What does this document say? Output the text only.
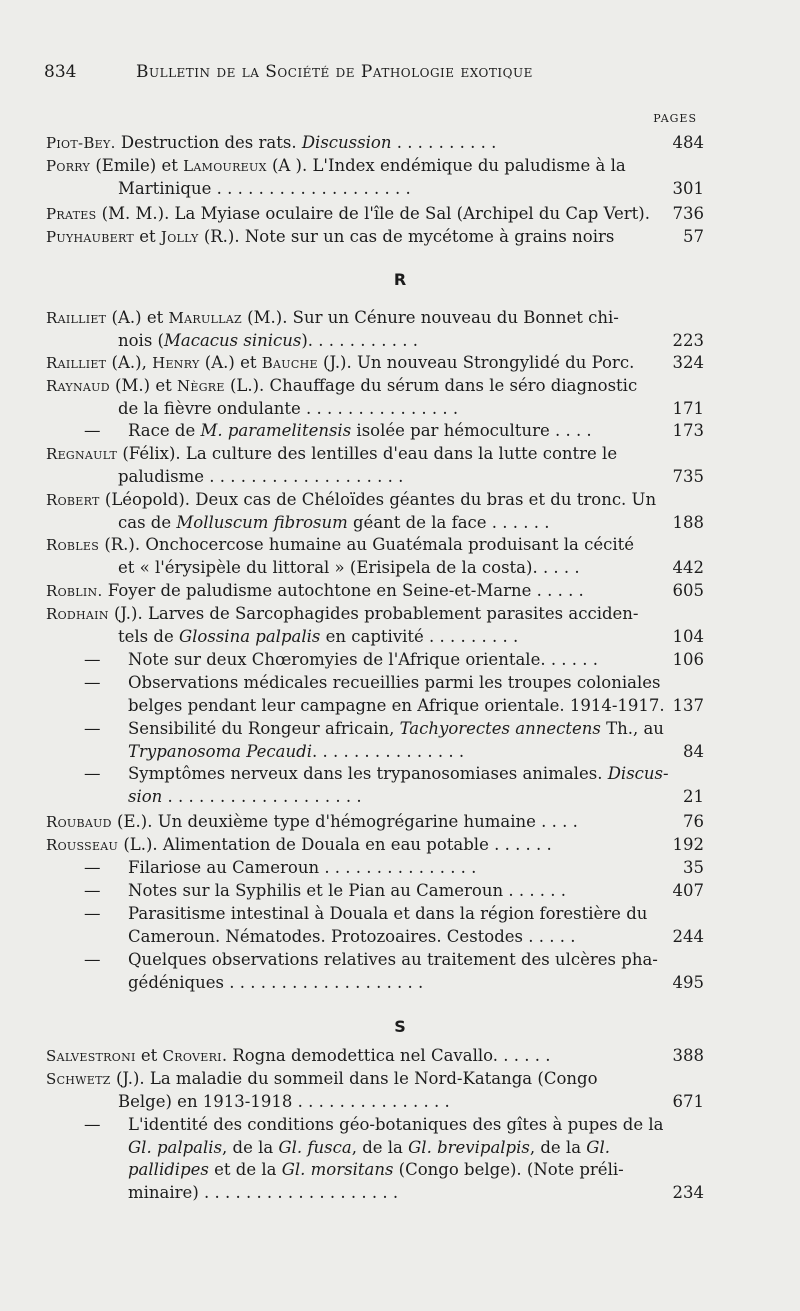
834	Bulletin de la Société de Pathologie exotique
PAGES
Piot-Bey. Destruction des rats. Discussion . . . . . . . . . .	484
Porry (Emile) et Lamoureux (A ). L'Index endémique du paludisme à la
Martinique . . . . . . . . . . . . . . . . . . .	301
Prates (M. M.). La Myiase oculaire de l'île de Sal (Archipel du Cap Vert).	736
Puyhaubert et Jolly (R.). Note sur un cas de mycétome à grains noirs	57
R
Railliet (A.) et Marullaz (M.). Sur un Cénure nouveau du Bonnet chi-
nois (Macacus sinicus). . . . . . . . . . .	223
Railliet (A.), Henry (A.) et Bauche (J.). Un nouveau Strongylidé du Porc.	324
Raynaud (M.) et Nègre (L.). Chauffage du sérum dans le séro diagnostic
de la fièvre ondulante . . . . . . . . . . . . . . .	171
— Race de M. paramelitensis isolée par hémoculture . . . .	173
Regnault (Félix). La culture des lentilles d'eau dans la lutte contre le
paludisme . . . . . . . . . . . . . . . . . . .	735
Robert (Léopold). Deux cas de Chéloïdes géantes du bras et du tronc. Un
cas de Molluscum fibrosum géant de la face . . . . . .	188
Robles (R.). Onchocercose humaine au Guatémala produisant la cécité
et « l'érysipèle du littoral » (Erisipela de la costa). . . . .	442
Roblin. Foyer de paludisme autochtone en Seine-et-Marne . . . . .	605
Rodhain (J.). Larves de Sarcophagides probablement parasites acciden-
tels de Glossina palpalis en captivité . . . . . . . . .	104
— Note sur deux Chœromyies de l'Afrique orientale. . . . . .	106
— Observations médicales recueillies parmi les troupes coloniales
belges pendant leur campagne en Afrique orientale. 1914-1917. 137
— Sensibilité du Rongeur africain, Tachyorectes annectens Th., au
Trypanosoma Pecaudi. . . . . . . . . . . . . . .	84
— Symptômes nerveux dans les trypanosomiases animales. Discus-
sion . . . . . . . . . . . . . . . . . . .	21
Roubaud (E.). Un deuxième type d'hémogrégarine humaine . . . .	76
Rousseau (L.). Alimentation de Douala en eau potable . . . . . .	192
— Filariose au Cameroun . . . . . . . . . . . . . . .	35
— Notes sur la Syphilis et le Pian au Cameroun . . . . . .	407
— Parasitisme intestinal à Douala et dans la région forestière du
Cameroun. Nématodes. Protozoaires. Cestodes . . . . .	244
— Quelques observations relatives au traitement des ulcères pha-
gédéniques . . . . . . . . . . . . . . . . . . .	495
S
Salvestroni et Croveri. Rogna demodettica nel Cavallo. . . . . .	388
Schwetz (J.). La maladie du sommeil dans le Nord-Katanga (Congo
Belge) en 1913-1918 . . . . . . . . . . . . . . .	671
— L'identité des conditions géo-botaniques des gîtes à pupes de la
Gl. palpalis, de la Gl. fusca, de la Gl. brevipalpis, de la Gl.
pallidipes et de la Gl. morsitans (Congo belge). (Note préli-
minaire) . . . . . . . . . . . . . . . . . . .	234
